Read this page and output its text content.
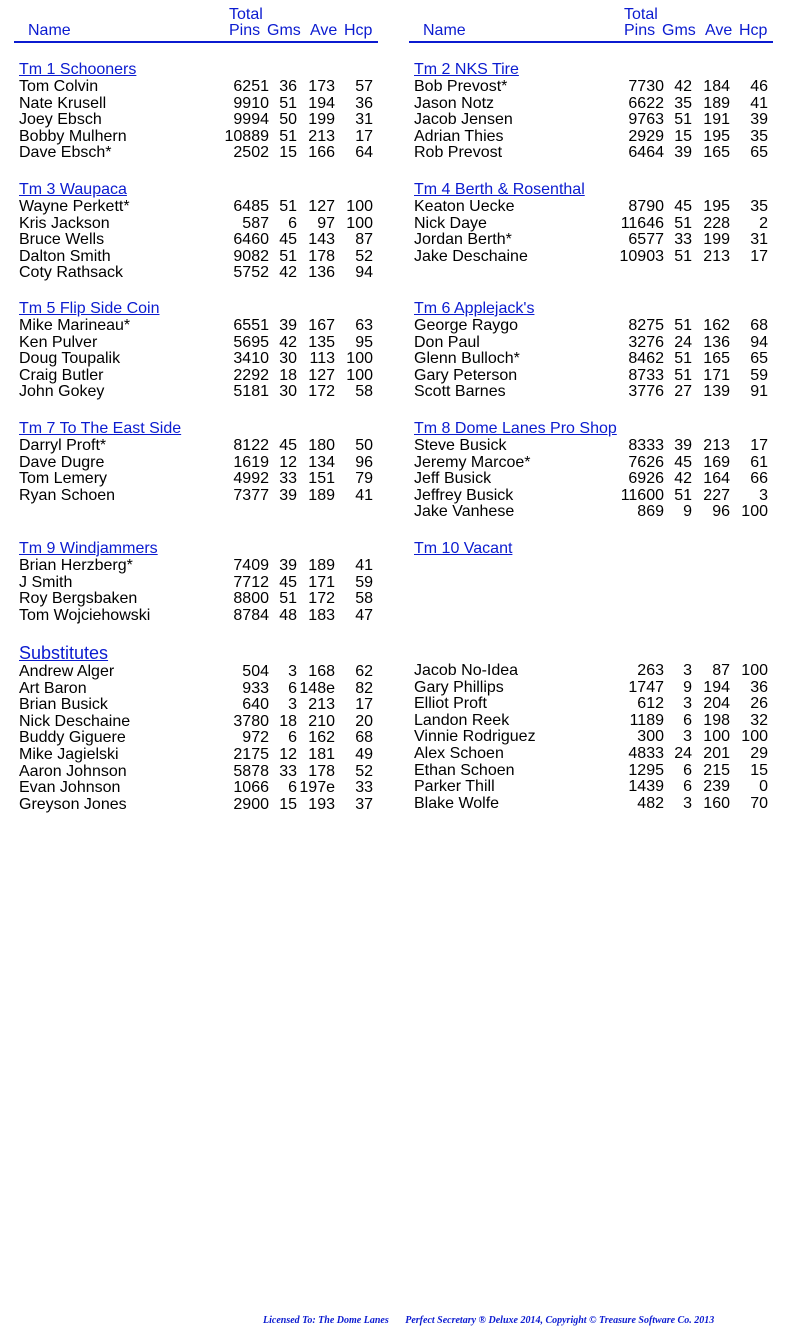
Total
Name	Pins Gms Ave Hcp
Total
Name	Pins Gms Ave Hcp
Tm 1 Schooners
Tom Colvin	6251 36 173 57
Nate Krusell	9910 51 194 36
Joey Ebsch	9994 50 199 31
Bobby Mulhern	10889 51 213 17
Dave Ebsch*	2502 15 166 64
Tm 2 NKS Tire
Bob Prevost*	7730 42 184 46
Jason Notz	6622 35 189 41
Jacob Jensen	9763 51 191 39
Adrian Thies	2929 15 195 35
Rob Prevost	6464 39 165 65
Tm 3 Waupaca
Wayne Perkett*	6485 51 127 100
Kris Jackson	587 6 97 100
Bruce Wells	6460 45 143 87
Dalton Smith	9082 51 178 52
Coty Rathsack	5752 42 136 94
Tm 4 Berth & Rosenthal
Keaton Uecke	8790 45 195 35
Nick Daye	11646 51 228 2
Jordan Berth*	6577 33 199 31
Jake Deschaine	10903 51 213 17
Tm 5 Flip Side Coin
Mike Marineau*	6551 39 167 63
Ken Pulver	5695 42 135 95
Doug Toupalik	3410 30 113 100
Craig Butler	2292 18 127 100
John Gokey	5181 30 172 58
Tm 6 Applejack's
George Raygo	8275 51 162 68
Don Paul	3276 24 136 94
Glenn Bulloch*	8462 51 165 65
Gary Peterson	8733 51 171 59
Scott Barnes	3776 27 139 91
Tm 7 To The East Side
Darryl Proft*	8122 45 180 50
Dave Dugre	1619 12 134 96
Tom Lemery	4992 33 151 79
Ryan Schoen	7377 39 189 41
Tm 8 Dome Lanes Pro Shop
Steve Busick	8333 39 213 17
Jeremy Marcoe*	7626 45 169 61
Jeff Busick	6926 42 164 66
Jeffrey Busick	11600 51 227 3
Jake Vanhese	869 9 96 100
Tm 9 Windjammers
Brian Herzberg*	7409 39 189 41
J Smith	7712 45 171 59
Roy Bergsbaken	8800 51 172 58
Tom Wojciehowski	8784 48 183 47
Tm 10 Vacant
Substitutes
Andrew Alger	504 3 168 62
Art Baron	933 6 148e 82
Brian Busick	640 3 213 17
Nick Deschaine	3780 18 210 20
Buddy Giguere	972 6 162 68
Mike Jagielski	2175 12 181 49
Aaron Johnson	5878 33 178 52
Evan Johnson	1066 6 197e 33
Greyson Jones	2900 15 193 37
Jacob No-Idea	263 3 87 100
Gary Phillips	1747 9 194 36
Elliot Proft	612 3 204 26
Landon Reek	1189 6 198 32
Vinnie Rodriguez	300 3 100 100
Alex Schoen	4833 24 201 29
Ethan Schoen	1295 6 215 15
Parker Thill	1439 6 239 0
Blake Wolfe	482 3 160 70
Licensed To: The Dome Lanes Perfect Secretary ® Deluxe 2014, Copyright © Treasure Software Co. 2013
